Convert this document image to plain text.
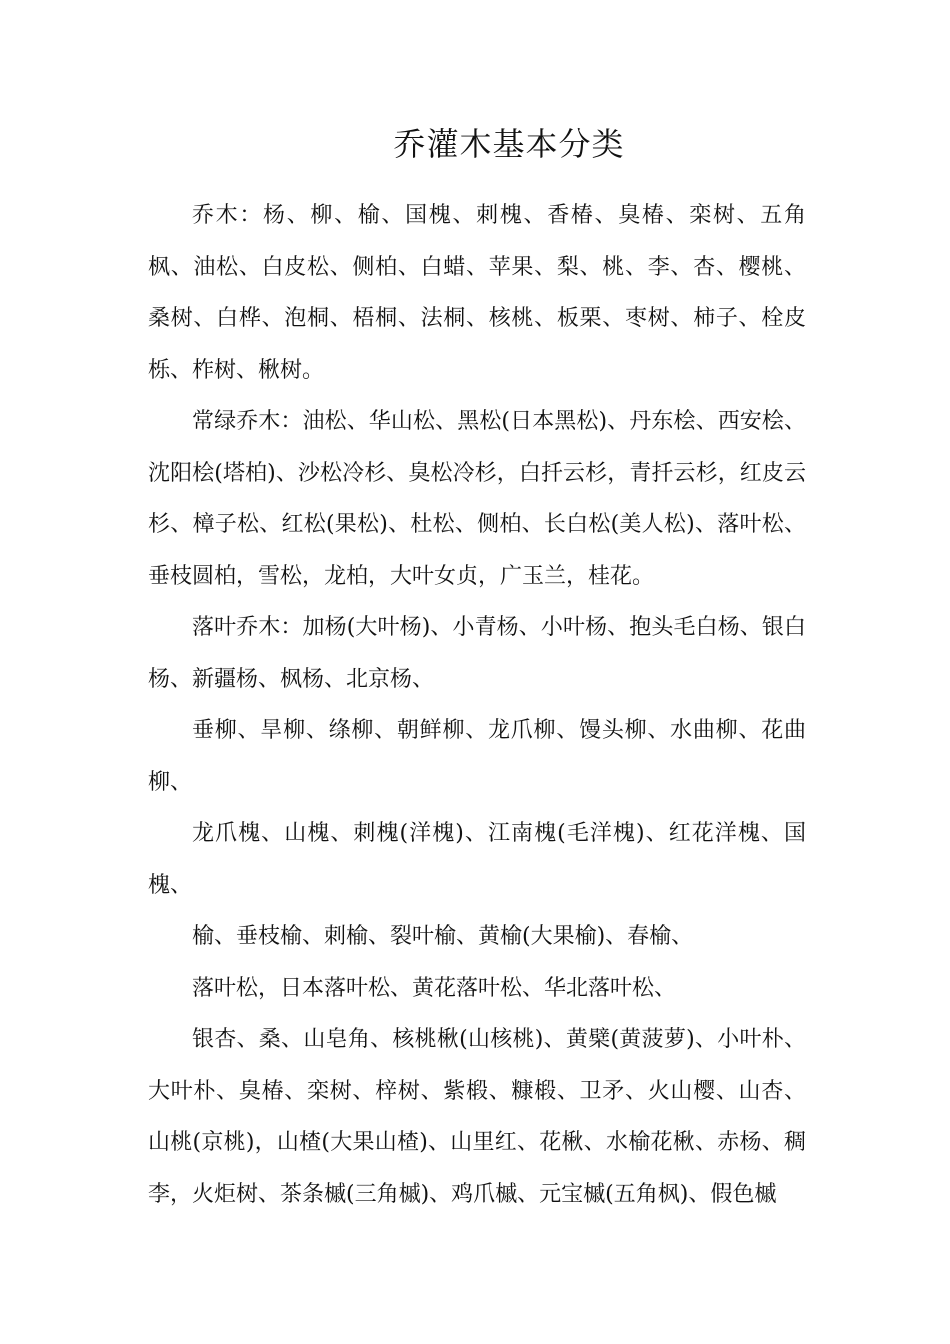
乔灌木基本分类

乔木：杨、柳、榆、国槐、刺槐、香椿、臭椿、栾树、五角枫、油松、白皮松、侧柏、白蜡、苹果、梨、桃、李、杏、樱桃、桑树、白桦、泡桐、梧桐、法桐、核桃、板栗、枣树、柿子、栓皮栎、柞树、楸树。

常绿乔木：油松、华山松、黑松(日本黑松)、丹东桧、西安桧、沈阳桧(塔柏)、沙松冷杉、臭松冷杉，白扦云杉，青扦云杉，红皮云杉、樟子松、红松(果松)、杜松、侧柏、长白松(美人松)、落叶松、垂枝圆柏，雪松，龙柏，大叶女贞，广玉兰，桂花。

落叶乔木：加杨(大叶杨)、小青杨、小叶杨、抱头毛白杨、银白杨、新疆杨、枫杨、北京杨、

垂柳、旱柳、绦柳、朝鲜柳、龙爪柳、馒头柳、水曲柳、花曲柳、

龙爪槐、山槐、刺槐(洋槐)、江南槐(毛洋槐)、红花洋槐、国槐、

榆、垂枝榆、刺榆、裂叶榆、黄榆(大果榆)、春榆、

落叶松，日本落叶松、黄花落叶松、华北落叶松、

银杏、桑、山皂角、核桃楸(山核桃)、黄檗(黄菠萝)、小叶朴、大叶朴、臭椿、栾树、梓树、紫椴、糠椴、卫矛、火山樱、山杏、山桃(京桃)，山楂(大果山楂)、山里红、花楸、水榆花楸、赤杨、稠李，火炬树、茶条槭(三角槭)、鸡爪槭、元宝槭(五角枫)、假色槭
